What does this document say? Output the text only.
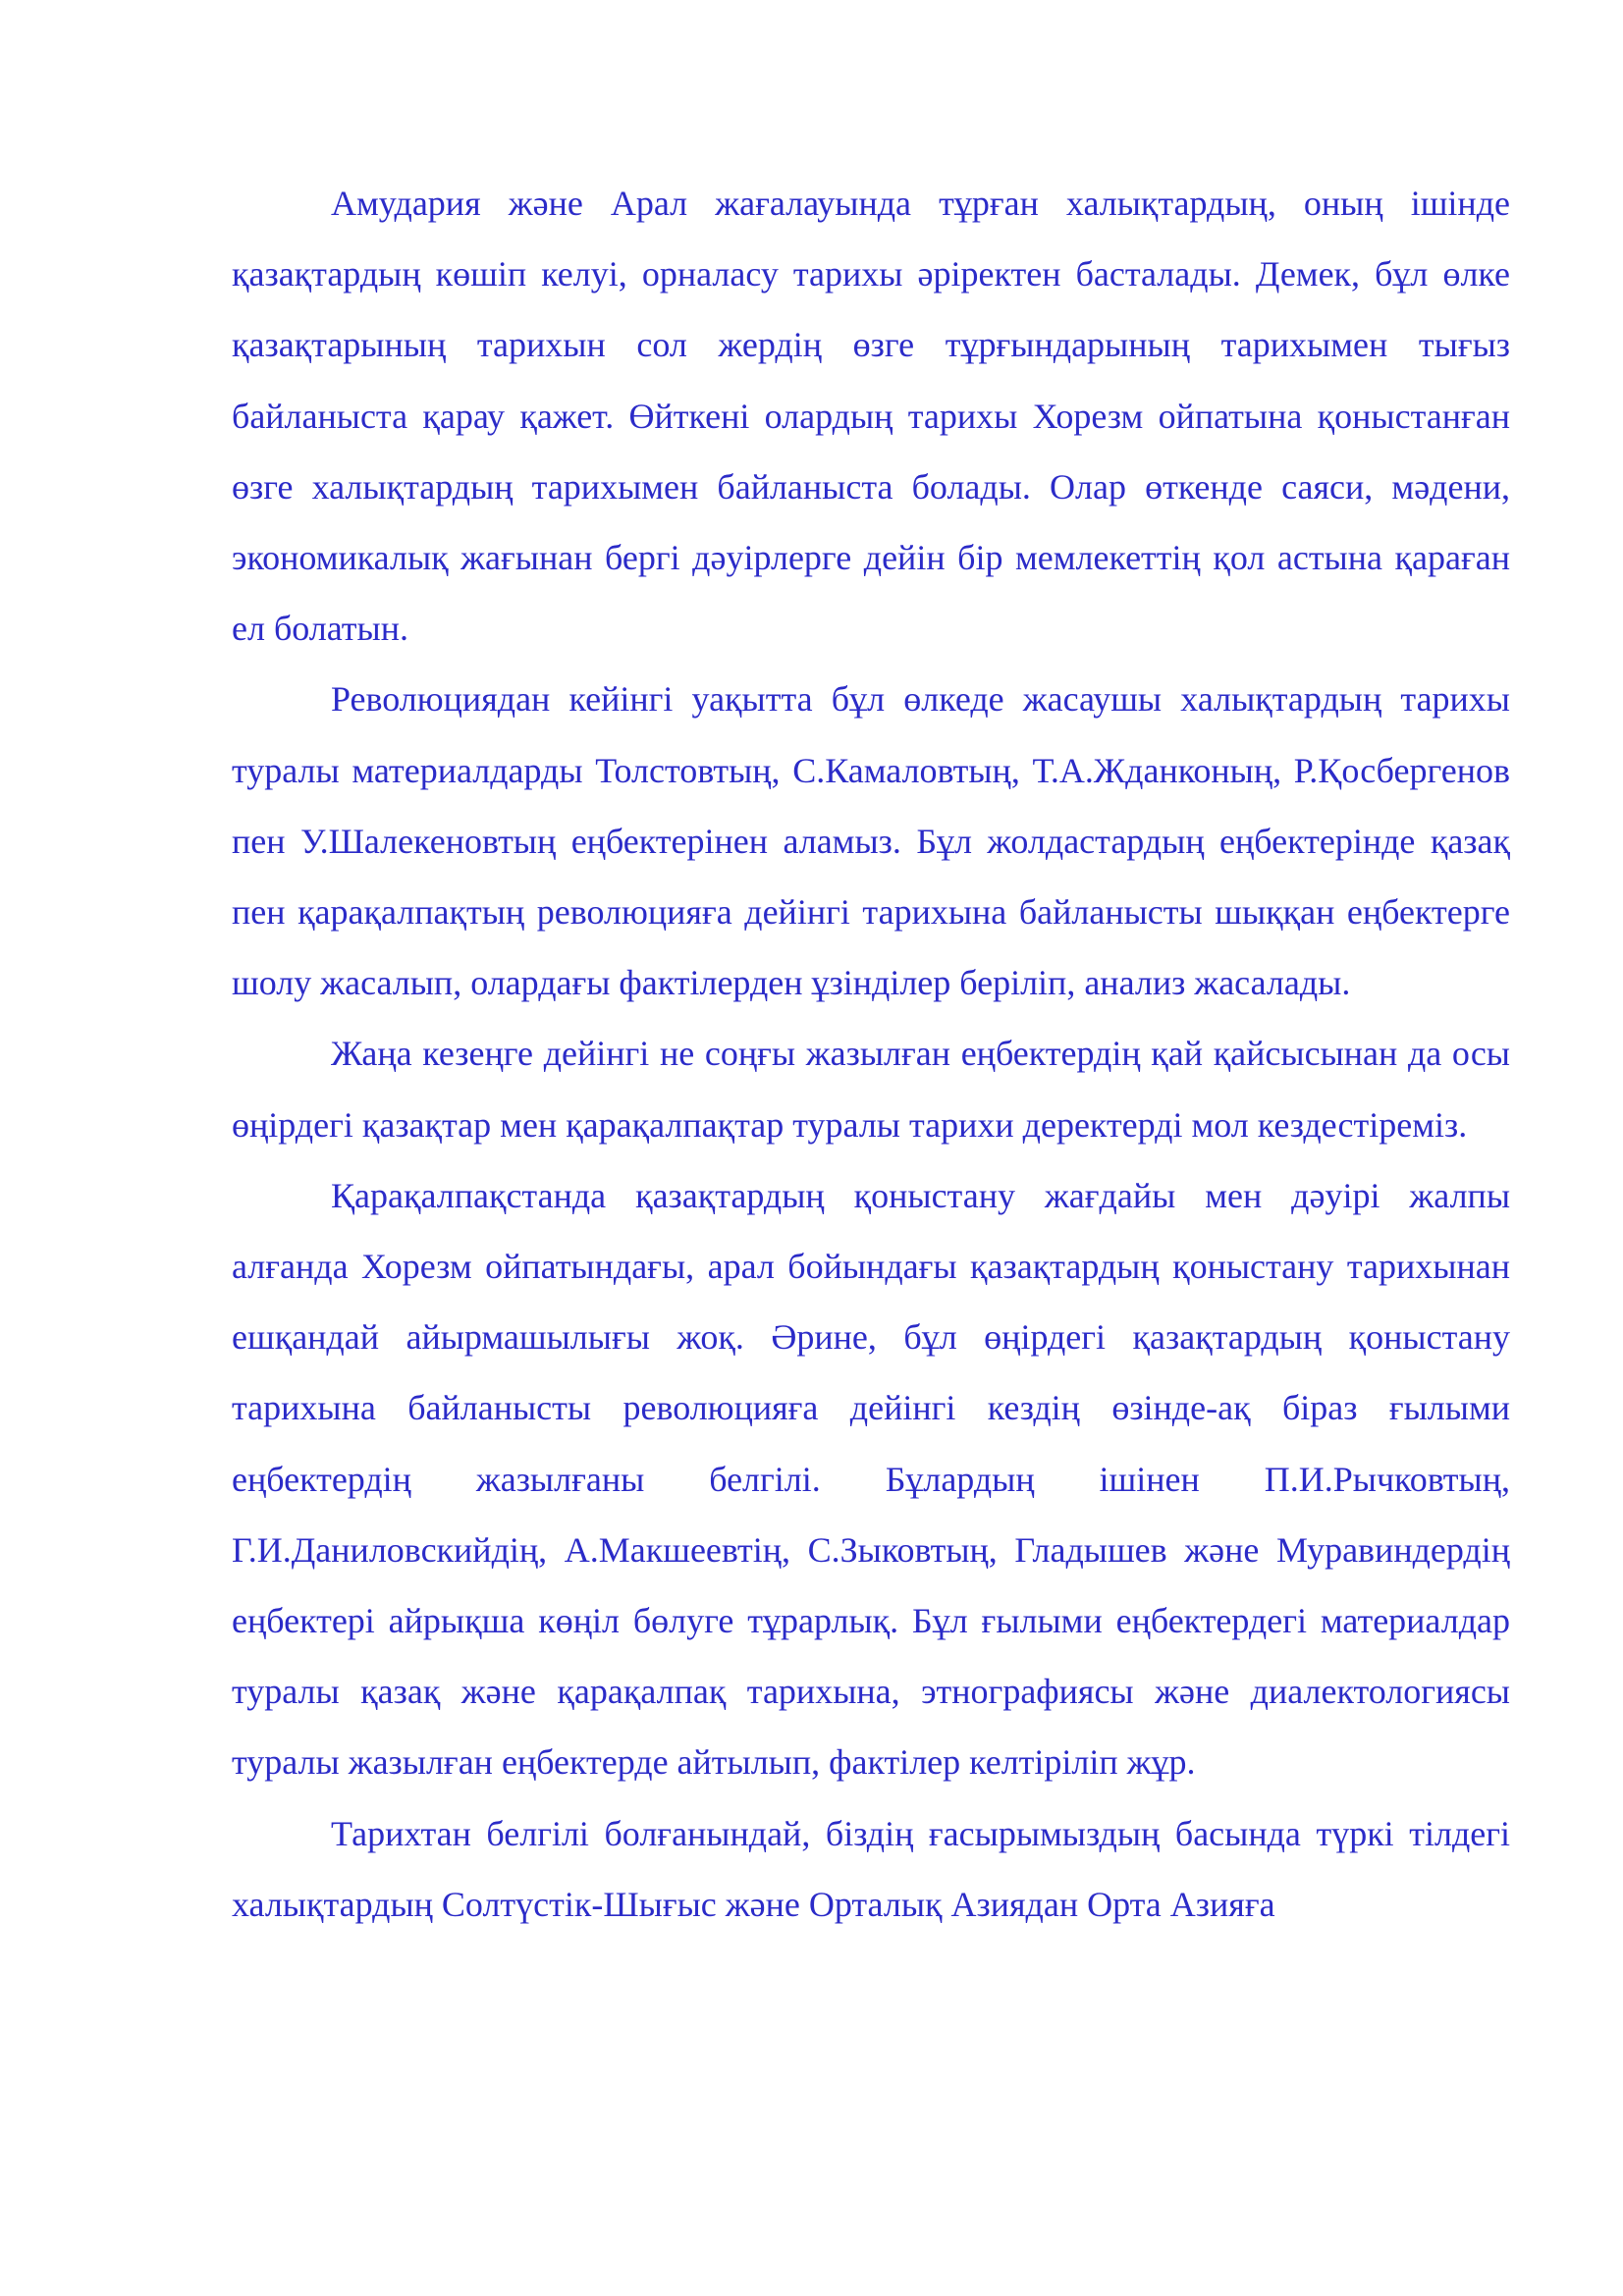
Амудария және Арал жағалауында тұрған халықтардың, оның ішінде қазақтардың көшіп келуі, орналасу тарихы әріректен басталады. Демек, бұл өлке қазақтарының тарихын сол жердің өзге тұрғындарының тарихымен тығыз байланыста қарау қажет. Өйткені олардың тарихы Хорезм ойпатына қоныстанған өзге халықтардың тарихымен байланыста болады. Олар өткенде саяси, мәдени, экономикалық жағынан бергі дәуірлерге дейін бір мемлекеттің қол астына қараған ел болатын.

Революциядан кейінгі уақытта бұл өлкеде жасаушы халықтардың тарихы туралы материалдарды Толстовтың, С.Камаловтың, Т.А.Жданконың, Р.Қосбергенов пен У.Шалекеновтың еңбектерінен аламыз. Бұл жолдастардың еңбектерінде қазақ пен қарақалпақтың революцияға дейінгі тарихына байланысты шыққан еңбектерге шолу жасалып, олардағы фактілерден ұзінділер беріліп, анализ жасалады.

Жаңа кезеңге дейінгі не соңғы жазылған еңбектердің қай қайсысынан да осы өңірдегі қазақтар мен қарақалпақтар туралы тарихи деректерді мол кездестіреміз.

Қарақалпақстанда қазақтардың қоныстану жағдайы мен дәуірі жалпы алғанда Хорезм ойпатындағы, арал бойындағы қазақтардың қоныстану тарихынан ешқандай айырмашылығы жоқ. Әрине, бұл өңірдегі қазақтардың қоныстану тарихына байланысты революцияға дейінгі кездің өзінде-ақ біраз ғылыми еңбектердің жазылғаны белгілі. Бұлардың ішінен П.И.Рычковтың, Г.И.Даниловскийдің, А.Макшеевтің, С.Зыковтың, Гладышев және Муравиндердің еңбектері айрықша көңіл бөлуге тұрарлық. Бұл ғылыми еңбектердегі материалдар туралы қазақ және қарақалпақ тарихына, этнографиясы және диалектологиясы туралы жазылған еңбектерде айтылып, фактілер келтіріліп жұр.

Тарихтан белгілі болғанындай, біздің ғасырымыздың басында түркі тілдегі халықтардың Солтүстік-Шығыс және Орталық Азиядан Орта Азияға
